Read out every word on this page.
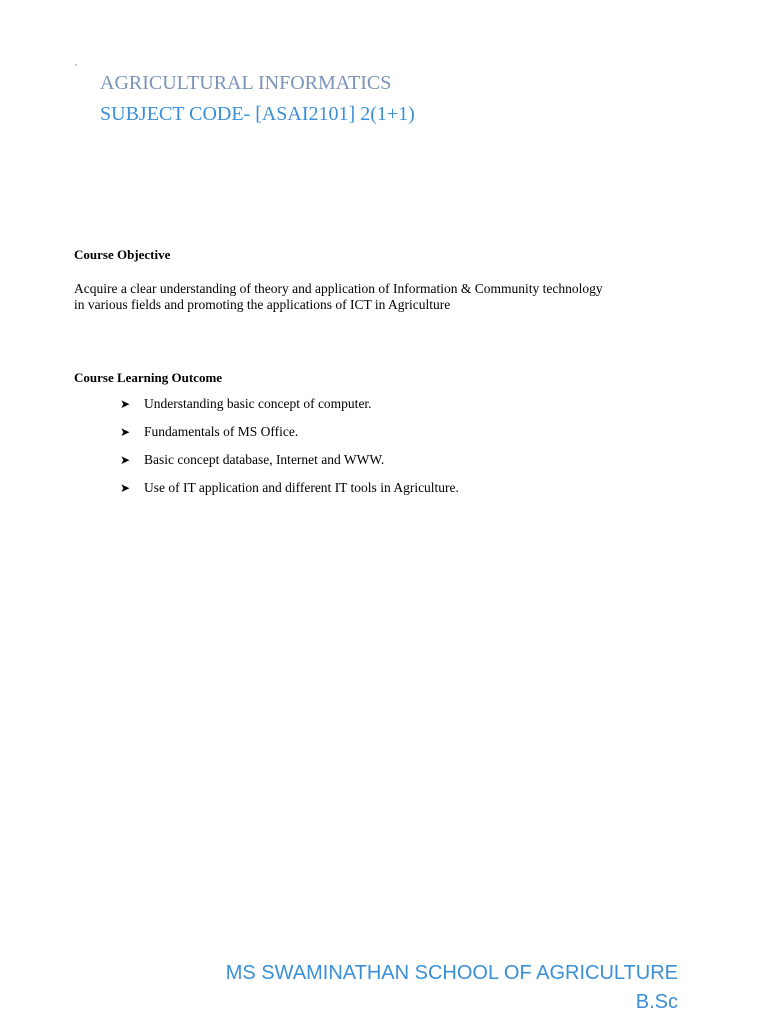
AGRICULTURAL INFORMATICS
SUBJECT CODE- [ASAI2101] 2(1+1)
Course Objective
Acquire a clear understanding of theory and application of Information & Community technology
in various fields and promoting the applications of ICT in Agriculture
Course Learning Outcome
➤ Understanding basic concept of computer.
➤ Fundamentals of MS Office.
➤ Basic concept database, Internet and WWW.
➤ Use of IT application and different IT tools in Agriculture.
MS SWAMINATHAN SCHOOL OF AGRICULTURE
B.Sc
